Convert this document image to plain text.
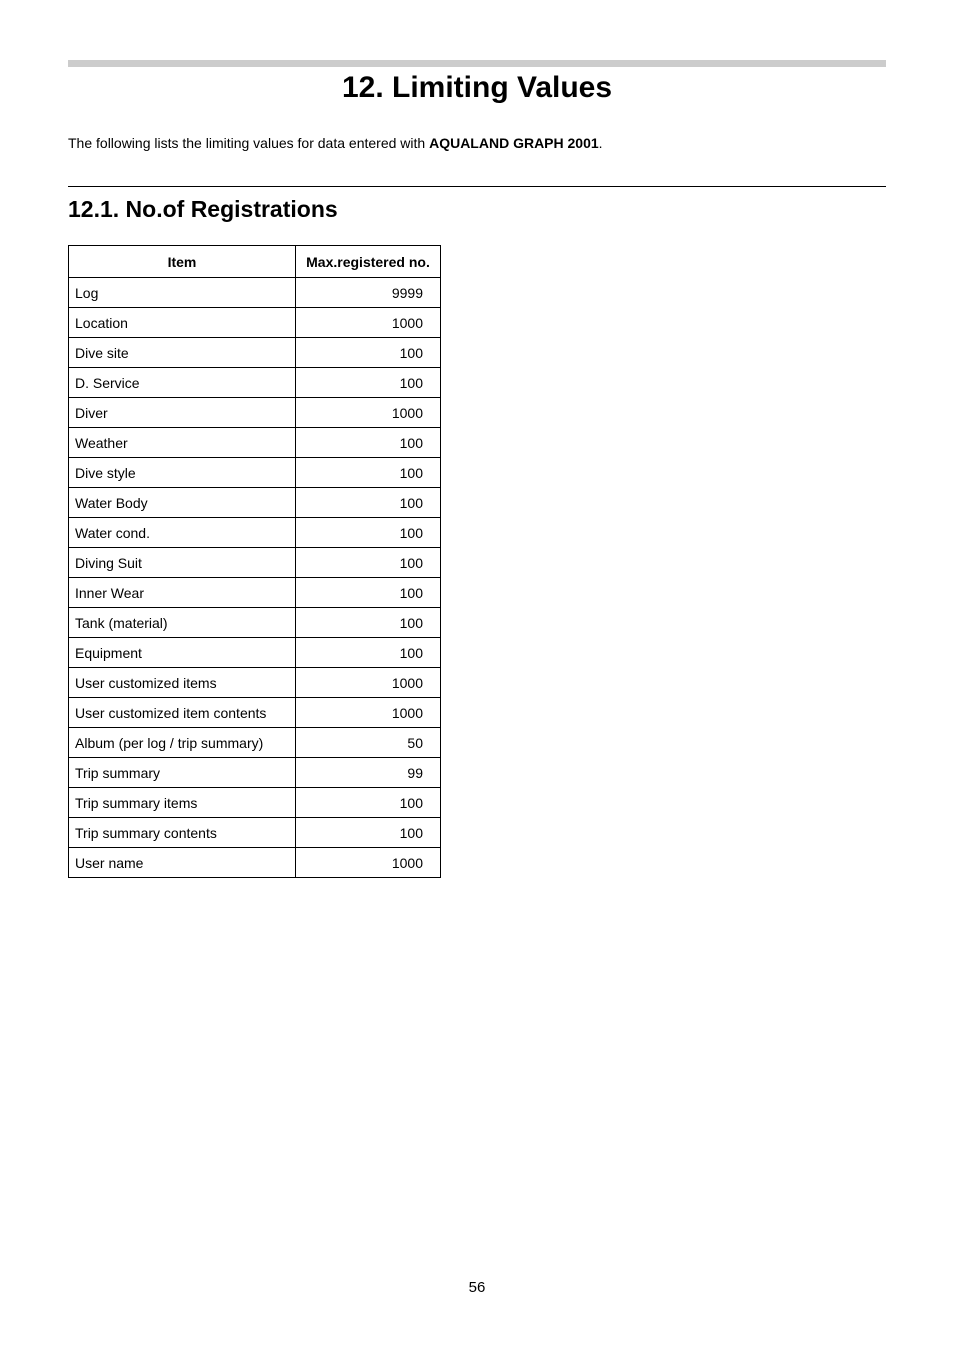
12. Limiting Values

The following lists the limiting values for data entered with AQUALAND GRAPH 2001.

12.1. No.of Registrations
Item	Max.registered no.
Log	9999
Location	1000
Dive site	100
D. Service	100
Diver	1000
Weather	100
Dive style	100
Water Body	100
Water cond.	100
Diving Suit	100
Inner Wear	100
Tank (material)	100
Equipment	100
User customized items	1000
User customized item contents	1000
Album (per log / trip summary)	50
Trip summary	99
Trip summary items	100
Trip summary contents	100
User name	1000
56
